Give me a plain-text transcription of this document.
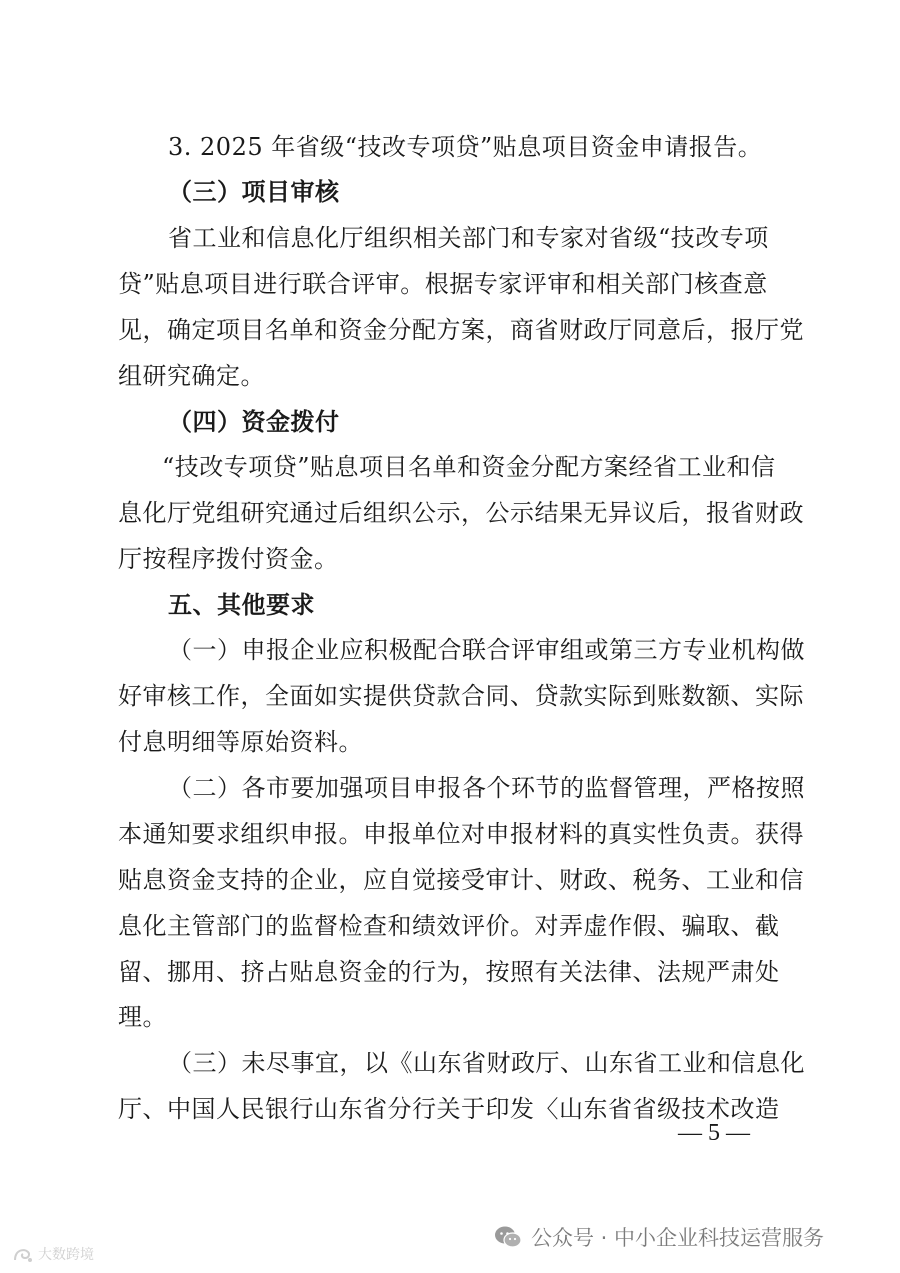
3. 2025 年省级“技改专项贷”贴息项目资金申请报告。
（三）项目审核
省工业和信息化厅组织相关部门和专家对省级“技改专项
贷”贴息项目进行联合评审。根据专家评审和相关部门核查意
见，确定项目名单和资金分配方案，商省财政厅同意后，报厅党
组研究确定。
（四）资金拨付
“技改专项贷”贴息项目名单和资金分配方案经省工业和信
息化厅党组研究通过后组织公示，公示结果无异议后，报省财政
厅按程序拨付资金。
五、其他要求
（一）申报企业应积极配合联合评审组或第三方专业机构做
好审核工作，全面如实提供贷款合同、贷款实际到账数额、实际
付息明细等原始资料。
（二）各市要加强项目申报各个环节的监督管理，严格按照
本通知要求组织申报。申报单位对申报材料的真实性负责。获得
贴息资金支持的企业，应自觉接受审计、财政、税务、工业和信
息化主管部门的监督检查和绩效评价。对弄虚作假、骗取、截
留、挪用、挤占贴息资金的行为，按照有关法律、法规严肃处
理。
（三）未尽事宜，以《山东省财政厅、山东省工业和信息化
厅、中国人民银行山东省分行关于印发〈山东省省级技术改造
— 5 —
公众号 · 中小企业科技运营服务
大数跨境
